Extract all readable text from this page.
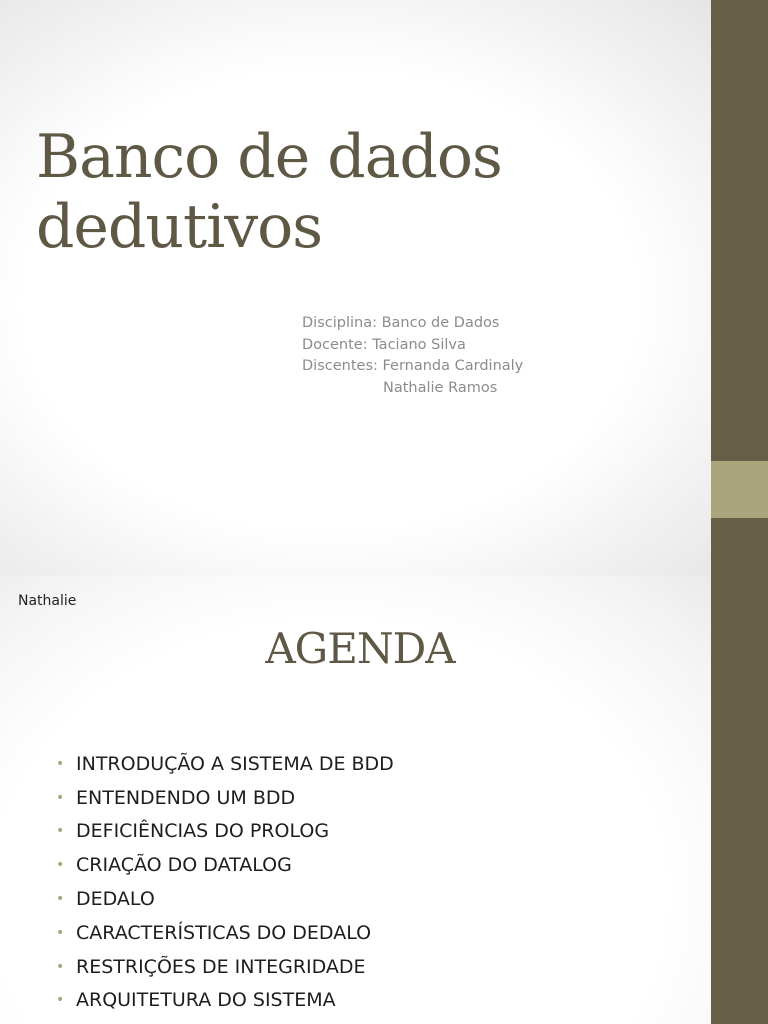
Banco de dados
dedutivos
Disciplina: Banco de Dados
Docente: Taciano Silva
Discentes: Fernanda Cardinaly
Nathalie Ramos
Nathalie
AGENDA
• INTRODUÇÃO A SISTEMA DE BDD
• ENTENDENDO UM BDD
• DEFICIÊNCIAS DO PROLOG
• CRIAÇÃO DO DATALOG
• DEDALO
• CARACTERÍSTICAS DO DEDALO
• RESTRIÇÕES DE INTEGRIDADE
• ARQUITETURA DO SISTEMA
